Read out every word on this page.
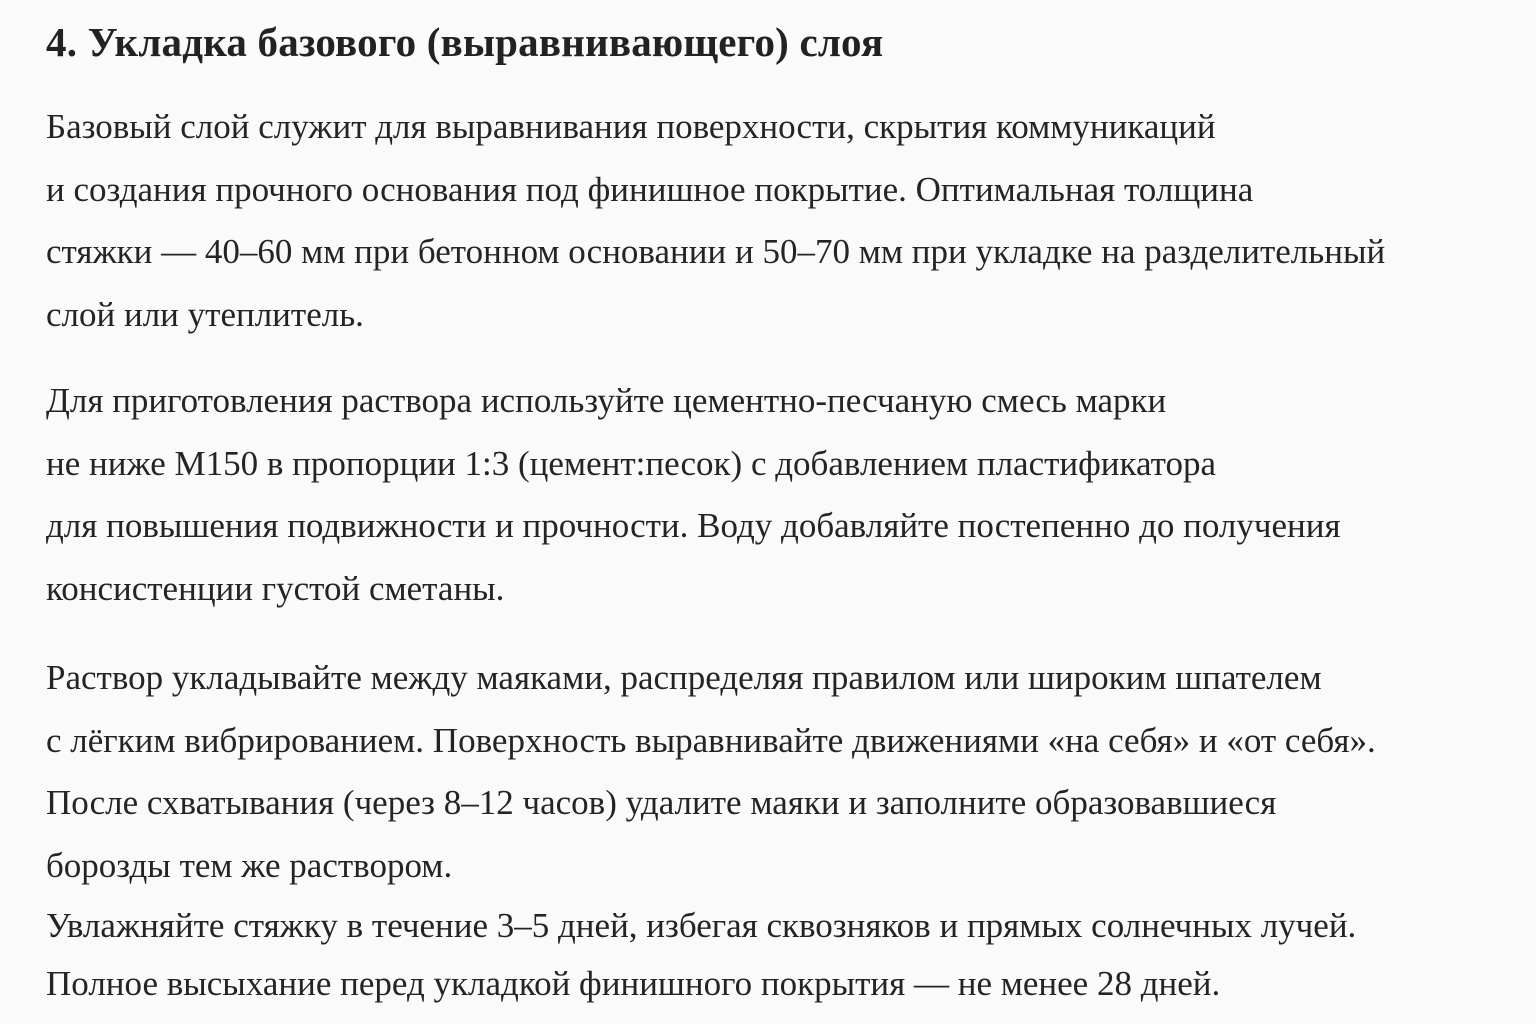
4. Укладка базового (выравнивающего) слоя

Базовый слой служит для выравнивания поверхности, скрытия коммуникаций
и создания прочного основания под финишное покрытие. Оптимальная толщина
стяжки — 40–60 мм при бетонном основании и 50–70 мм при укладке на разделительный
слой или утеплитель.

Для приготовления раствора используйте цементно-песчаную смесь марки
не ниже М150 в пропорции 1:3 (цемент:песок) с добавлением пластификатора
для повышения подвижности и прочности. Воду добавляйте постепенно до получения
консистенции густой сметаны.

Раствор укладывайте между маяками, распределяя правилом или широким шпателем
с лёгким вибрированием. Поверхность выравнивайте движениями «на себя» и «от себя».
После схватывания (через 8–12 часов) удалите маяки и заполните образовавшиеся
борозды тем же раствором.

Увлажняйте стяжку в течение 3–5 дней, избегая сквозняков и прямых солнечных лучей.
Полное высыхание перед укладкой финишного покрытия — не менее 28 дней.
